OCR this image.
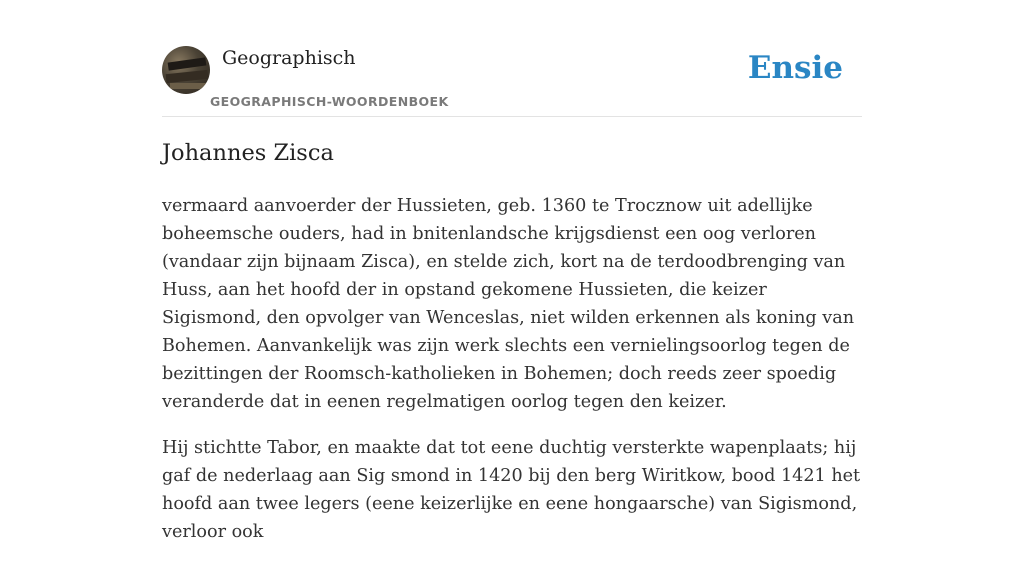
Geographisch
GEOGRAPHISCH-WOORDENBOEK
Ensie
Johannes Zisca

vermaard aanvoerder der Hussieten, geb. 1360 te Trocznow uit adellijke boheemsche ouders, had in bnitenlandsche krijgsdienst een oog verloren (vandaar zijn bijnaam Zisca), en stelde zich, kort na de terdoodbrenging van Huss, aan het hoofd der in opstand gekomene Hussieten, die keizer Sigismond, den opvolger van Wenceslas, niet wilden erkennen als koning van Bohemen. Aanvankelijk was zijn werk slechts een vernielingsoorlog tegen de bezittingen der Roomsch-katholieken in Bohemen; doch reeds zeer spoedig veranderde dat in eenen regelmatigen oorlog tegen den keizer.

Hij stichtte Tabor, en maakte dat tot eene duchtig versterkte wapenplaats; hij gaf de nederlaag aan Sig smond in 1420 bij den berg Wiritkow, bood 1421 het hoofd aan twee legers (eene keizerlijke en eene hongaarsche) van Sigismond, verloor ook
